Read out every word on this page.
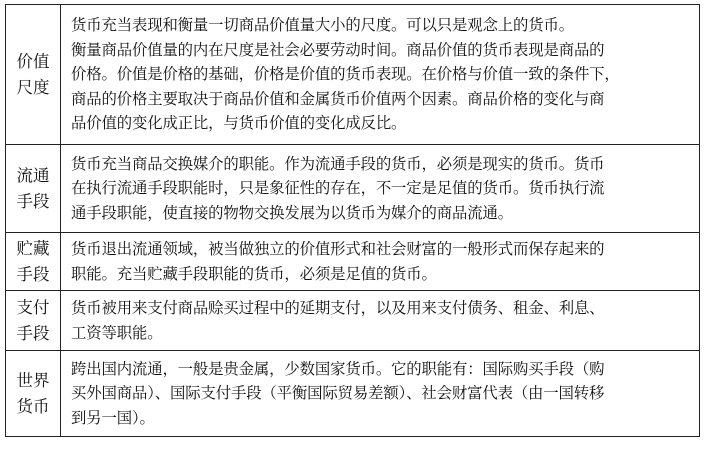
价值
尺度	货币充当表现和衡量一切商品价值量大小的尺度。可以只是观念上的货币。
衡量商品价值量的内在尺度是社会必要劳动时间。商品价值的货币表现是商品的
价格。价值是价格的基础，价格是价值的货币表现。在价格与价值一致的条件下，
商品的价格主要取决于商品价值和金属货币价值两个因素。商品价格的变化与商
品价值的变化成正比，与货币价值的变化成反比。

流通
手段	货币充当商品交换媒介的职能。作为流通手段的货币，必须是现实的货币。货币
在执行流通手段职能时，只是象征性的存在，不一定是足值的货币。货币执行流
通手段职能，使直接的物物交换发展为以货币为媒介的商品流通。

贮藏
手段	货币退出流通领域，被当做独立的价值形式和社会财富的一般形式而保存起来的
职能。充当贮藏手段职能的货币，必须是足值的货币。

支付
手段	货币被用来支付商品赊买过程中的延期支付，以及用来支付债务、租金、利息、
工资等职能。

世界
货币	跨出国内流通，一般是贵金属，少数国家货币。它的职能有：国际购买手段（购
买外国商品）、国际支付手段（平衡国际贸易差额）、社会财富代表（由一国转移
到另一国）。
